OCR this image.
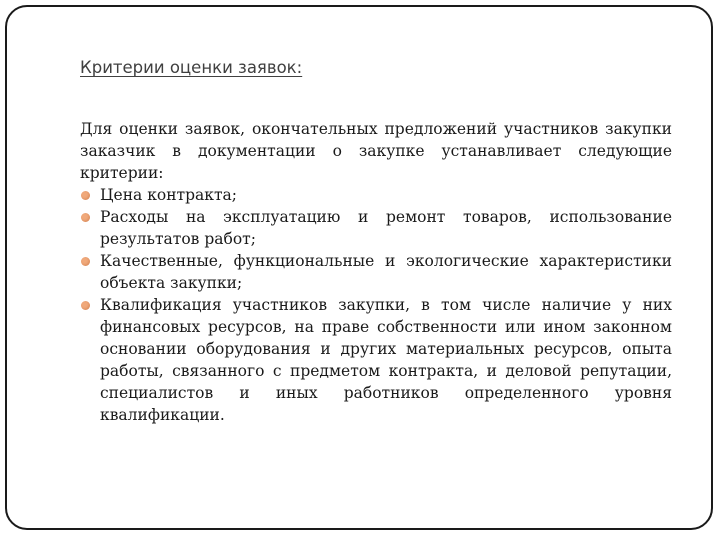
Критерии оценки заявок:

Для оценки заявок, окончательных предложений участников закупки заказчик в документации о закупке устанавливает следующие критерии:

Цена контракта;
Расходы на эксплуатацию и ремонт товаров, использование результатов работ;
Качественные, функциональные и экологические характеристики объекта закупки;
Квалификация участников закупки, в том числе наличие у них финансовых ресурсов, на праве собственности или ином законном основании оборудования и других материальных ресурсов, опыта работы, связанного с предметом контракта, и деловой репутации, специалистов и иных работников определенного уровня квалификации.
